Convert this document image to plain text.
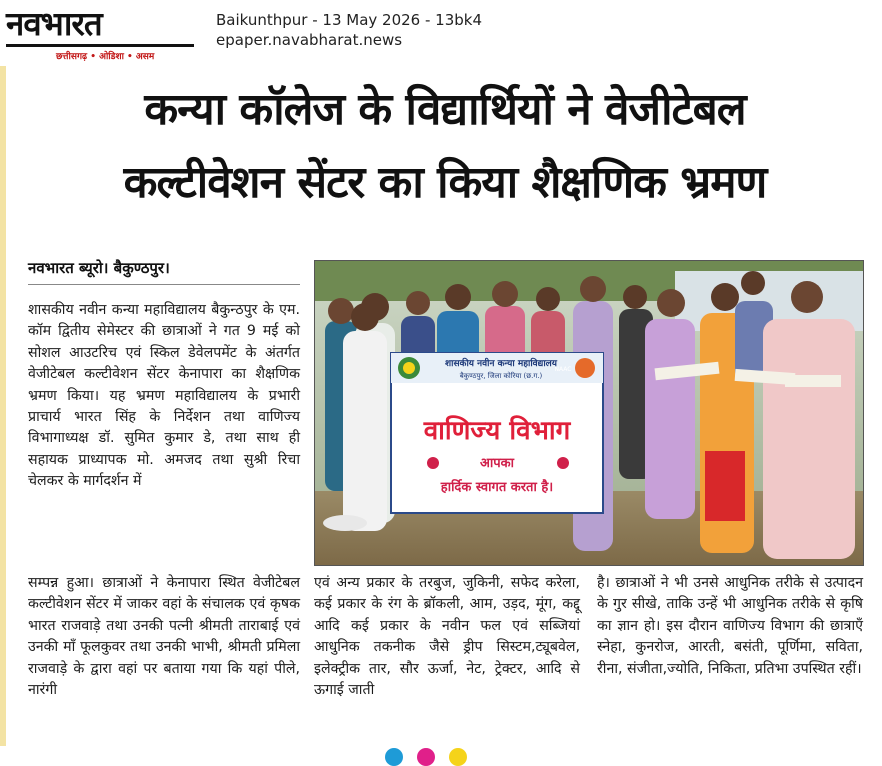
नवभारत
छत्तीसगढ़ • ओडिशा • असम
Baikunthpur - 13 May 2026 - 13bk4
epaper.navabharat.news
कन्या कॉलेज के विद्यार्थियों ने वेजीटेबल
कल्टीवेशन सेंटर का किया शैक्षणिक भ्रमण
नवभारत ब्यूरो। बैकुण्ठपुर।

शासकीय नवीन कन्या महाविद्यालय बैकुन्ठपुर के एम. कॉम द्वितीय सेमेस्टर की छात्राओं ने गत 9 मई को सोशल आउटरिच एवं स्किल डेवेलपमेंट के अंतर्गत वेजीटेबल कल्टीवेशन सेंटर केनापारा का शैक्षणिक भ्रमण किया। यह भ्रमण महाविद्यालय के प्रभारी प्राचार्य भारत सिंह के निर्देशन तथा वाणिज्य विभागाध्यक्ष डॉ. सुमित कुमार डे, तथा साथ ही सहायक प्राध्यापक मो. अमजद तथा सुश्री रिचा चेलकर के मार्गदर्शन में

सम्पन्न हुआ। छात्राओं ने केनापारा स्थित वेजीटेबल कल्टीवेशन सेंटर में जाकर वहां के संचालक एवं कृषक भारत राजवाड़े तथा उनकी पत्नी श्रीमती ताराबाई एवं उनकी माँ फूलकुवर तथा उनकी भाभी, श्रीमती प्रमिला राजवाड़े के द्वारा वहां पर बताया गया कि यहां पीले, नारंगी

एवं अन्य प्रकार के तरबुज, जुकिनी, सफेद करेला, कई प्रकार के रंग के ब्रॉकली, आम, उड़द, मूंग, कद्दू आदि कई प्रकार के नवीन फल एवं सब्जियां आधुनिक तकनीक जैसे ड्रीप सिस्टम,ट्यूबवेल, इलेक्ट्रीक तार, सौर ऊर्जा, नेट, ट्रेक्टर, आदि से ऊगाई जाती

है। छात्राओं ने भी उनसे आधुनिक तरीके से उत्पादन के गुर सीखे, ताकि उन्हें भी आधुनिक तरीके से कृषि का ज्ञान हो। इस दौरान वाणिज्य विभाग की छात्राएँ स्नेहा, कुनरोज, आरती, बसंती, पूर्णिमा, सविता, रीना, संजीता,ज्योति, निकिता, प्रतिभा उपस्थित रहीं।

NAAC
शासकीय नवीन कन्या महाविद्यालय
बैकुण्ठपुर, जिला कोरिया (छ.ग.)
वाणिज्य विभाग
आपका
हार्दिक स्वागत करता है।
